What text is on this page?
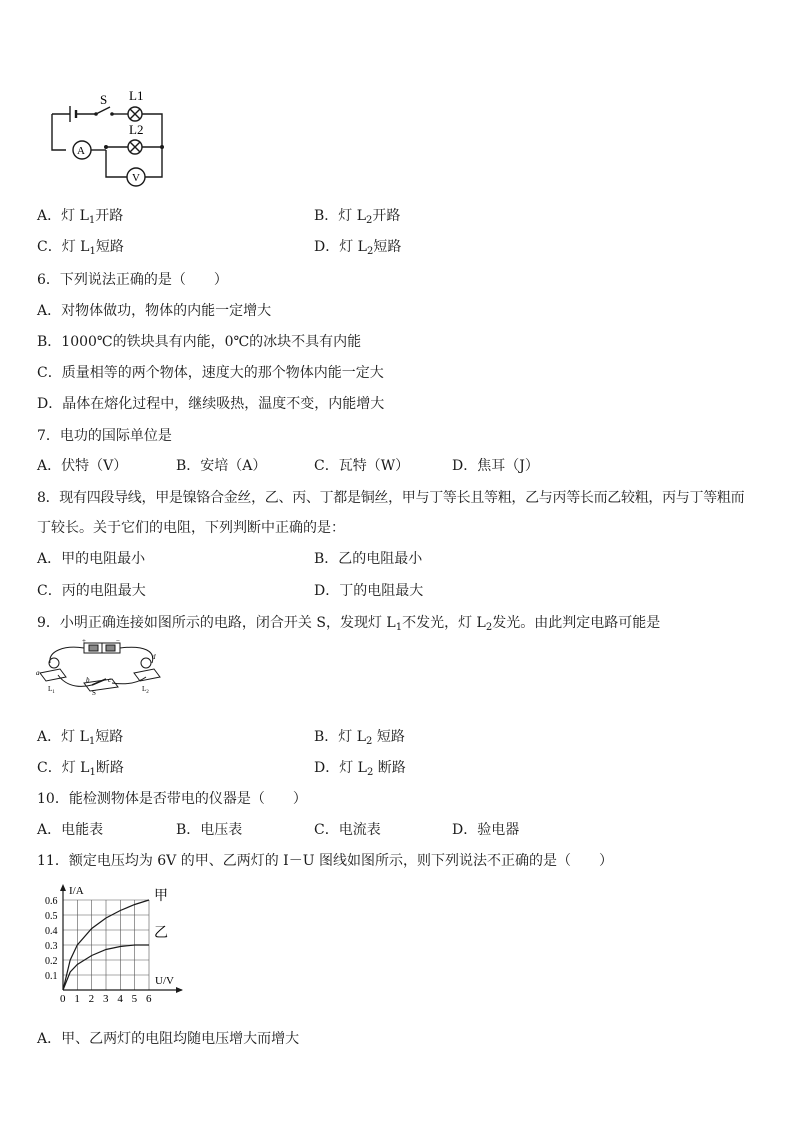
S L1
L2
A
V
A．灯 $L_1$开路	B．灯 $L_2$开路
C．灯 $L_1$短路	D．灯 $L_2$短路
6．下列说法正确的是（　　）
A．对物体做功，物体的内能一定增大
B．1000℃的铁块具有内能，0℃的冰块不具有内能
C．质量相等的两个物体，速度大的那个物体内能一定大
D．晶体在熔化过程中，继续吸热，温度不变，内能增大
7．电功的国际单位是
A．伏特（V）	B．安培（A）	C．瓦特（W）	D．焦耳（J）
8．现有四段导线，甲是镍铬合金丝，乙、丙、丁都是铜丝，甲与丁等长且等粗，乙与丙等长而乙较粗，丙与丁等粗而
丁较长。关于它们的电阻，下列判断中正确的是：
A．甲的电阻最小	B．乙的电阻最小
C．丙的电阻最大	D．丁的电阻最大
9．小明正确连接如图所示的电路，闭合开关 S，发现灯 $L_1$不发光，灯 $L_2$发光。由此判定电路可能是
+	−
a
b	c
d
$L_1$	$L_2$
S
A．灯 $L_1$短路	B．灯 $L_2$ 短路
C．灯 $L_1$断路	D．灯 $L_2$ 断路
10．能检测物体是否带电的仪器是（　　）
A．电能表	B．电压表	C．电流表	D．验电器
11．额定电压均为 6V 的甲、乙两灯的 I－U 图线如图所示，则下列说法不正确的是（　　）
0 1 2 3 4 5 6
0.1
0.2
0.3
0.4
0.5
0.6
I/A
U/V
甲
乙
A．甲、乙两灯的电阻均随电压增大而增大
